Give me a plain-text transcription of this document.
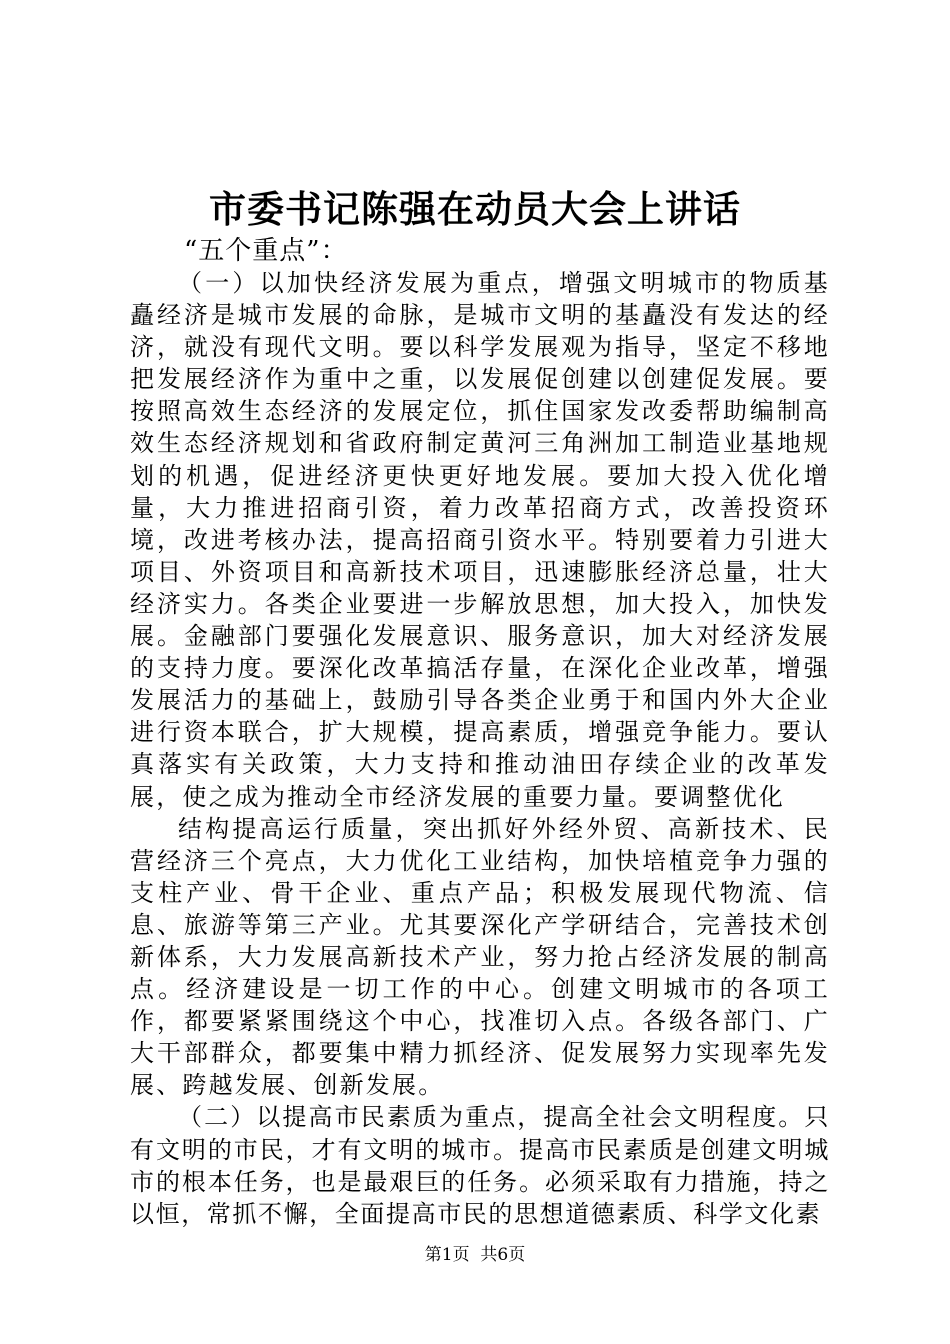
市委书记陈强在动员大会上讲话
“五个重点”：

（一）以加快经济发展为重点，增强文明城市的物质基矗经济是城市发展的命脉，是城市文明的基矗没有发达的经济，就没有现代文明。要以科学发展观为指导，坚定不移地把发展经济作为重中之重，以发展促创建以创建促发展。要按照高效生态经济的发展定位，抓住国家发改委帮助编制高效生态经济规划和省政府制定黄河三角洲加工制造业基地规划的机遇，促进经济更快更好地发展。要加大投入优化增量，大力推进招商引资，着力改革招商方式，改善投资环境，改进考核办法，提高招商引资水平。特别要着力引进大项目、外资项目和高新技术项目，迅速膨胀经济总量，壮大经济实力。各类企业要进一步解放思想，加大投入，加快发展。金融部门要强化发展意识、服务意识，加大对经济发展的支持力度。要深化改革搞活存量，在深化企业改革，增强发展活力的基础上，鼓励引导各类企业勇于和国内外大企业进行资本联合，扩大规模，提高素质，增强竞争能力。要认真落实有关政策，大力支持和推动油田存续企业的改革发展，使之成为推动全市经济发展的重要力量。要调整优化

结构提高运行质量，突出抓好外经外贸、高新技术、民营经济三个亮点，大力优化工业结构，加快培植竞争力强的支柱产业、骨干企业、重点产品；积极发展现代物流、信息、旅游等第三产业。尤其要深化产学研结合，完善技术创新体系，大力发展高新技术产业，努力抢占经济发展的制高点。经济建设是一切工作的中心。创建文明城市的各项工作，都要紧紧围绕这个中心，找准切入点。各级各部门、广大干部群众，都要集中精力抓经济、促发展努力实现率先发展、跨越发展、创新发展。

（二）以提高市民素质为重点，提高全社会文明程度。只有文明的市民，才有文明的城市。提高市民素质是创建文明城市的根本任务，也是最艰巨的任务。必须采取有力措施，持之以恒，常抓不懈，全面提高市民的思想道德素质、科学文化素

第1页 共6页
